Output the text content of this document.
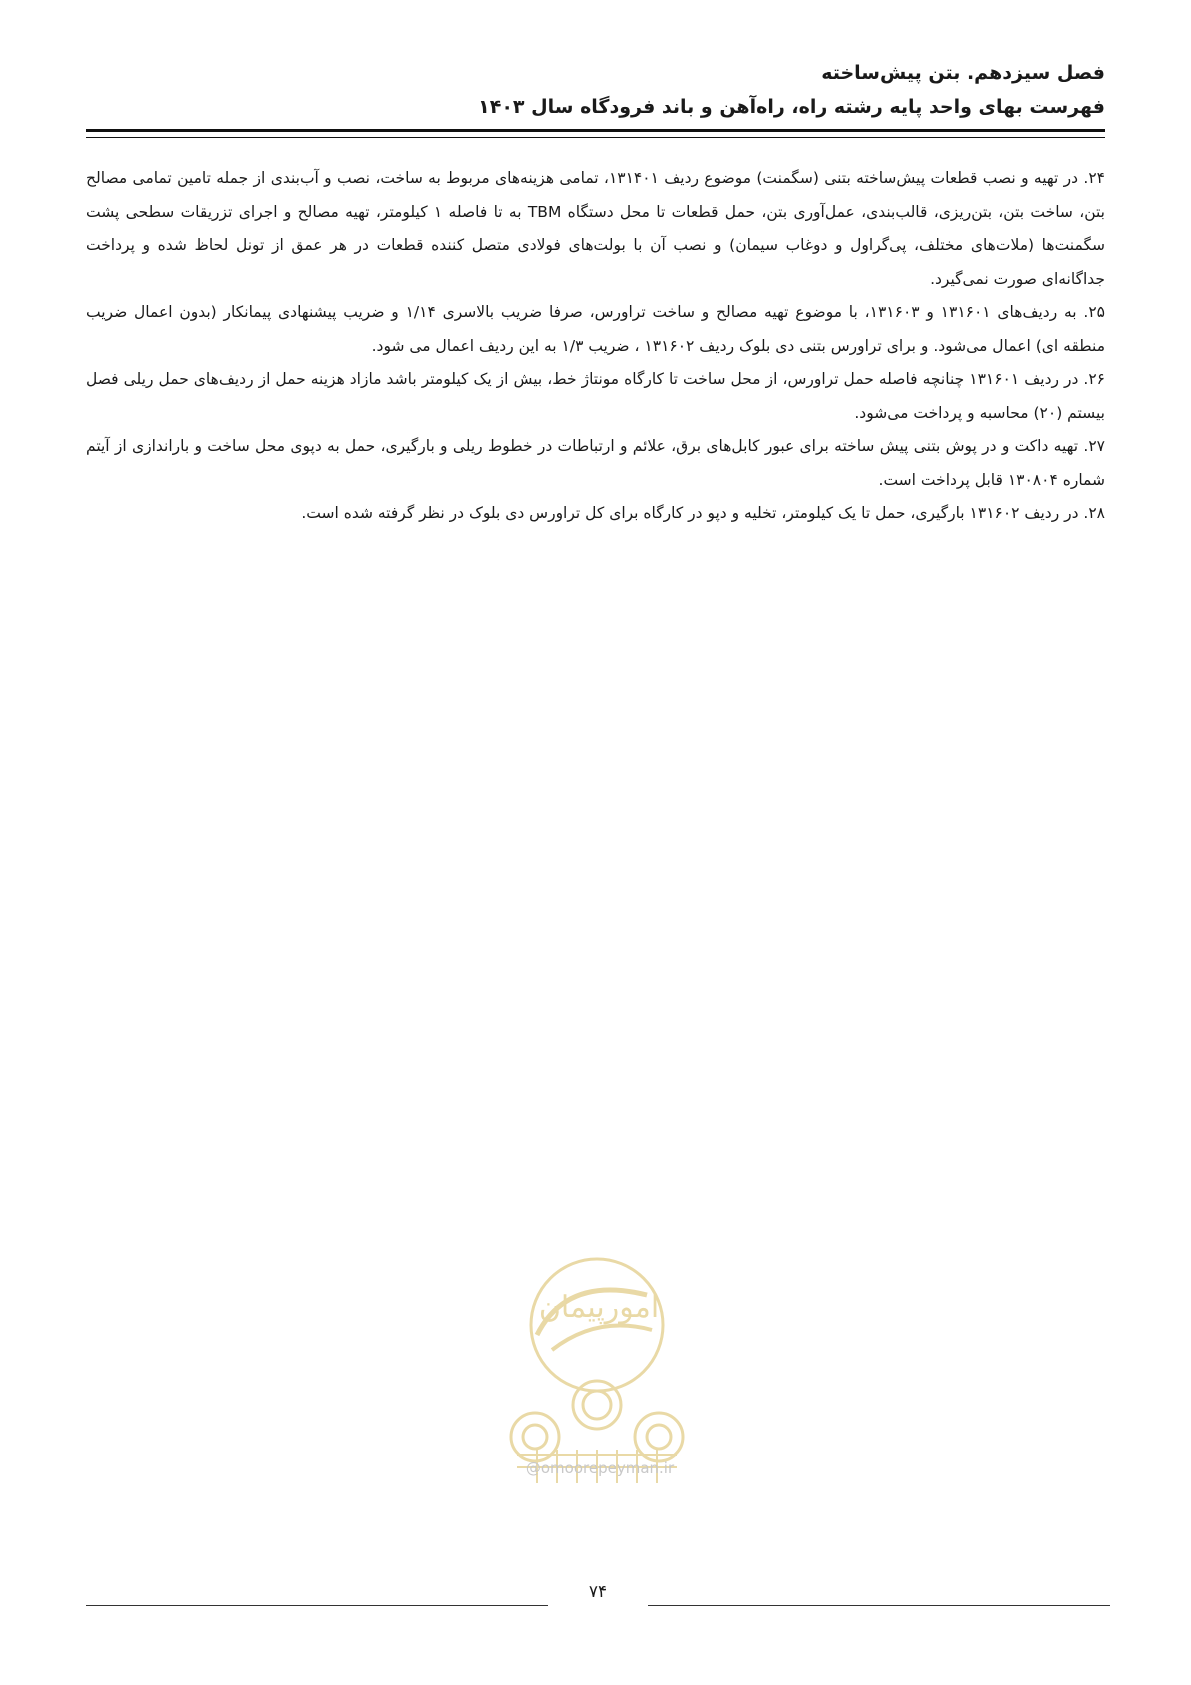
فصل سیزدهم. بتن پیش‌ساخته
فهرست بهای واحد پایه رشته راه، راه‌آهن و باند فرودگاه سال ۱۴۰۳

۲۴. در تهیه و نصب قطعات پیش‌ساخته بتنی (سگمنت) موضوع ردیف ۱۳۱۴۰۱، تمامی هزینه‌های مربوط به ساخت، نصب و آب‌بندی از جمله تامین تمامی مصالح بتن، ساخت بتن، بتن‌ریزی، قالب‌بندی، عمل‌آوری بتن، حمل قطعات تا محل دستگاه TBM به تا فاصله ۱ کیلومتر، تهیه مصالح و اجرای تزریقات سطحی پشت سگمنت‌ها (ملات‌های مختلف، پی‌گراول و دوغاب سیمان) و نصب آن با بولت‌های فولادی متصل کننده قطعات در هر عمق از تونل لحاظ شده و پرداخت جداگانه‌ای صورت نمی‌گیرد.

۲۵. به ردیف‌های ۱۳۱۶۰۱ و ۱۳۱۶۰۳، با موضوع تهیه مصالح و ساخت تراورس، صرفا ضریب بالاسری ۱/۱۴ و ضریب پیشنهادی پیمانکار (بدون اعمال ضریب منطقه ای) اعمال می‌شود. و برای تراورس بتنی دی بلوک ردیف ۱۳۱۶۰۲ ، ضریب ۱/۳ به این ردیف اعمال می شود.

۲۶. در ردیف ۱۳۱۶۰۱ چنانچه فاصله حمل تراورس، از محل ساخت تا کارگاه مونتاژ خط، بیش از یک کیلومتر باشد مازاد هزینه حمل از ردیف‌های حمل ریلی فصل بیستم (۲۰) محاسبه و پرداخت می‌شود.

۲۷. تهیه داکت و در پوش بتنی پیش ساخته برای عبور کابل‌های برق، علائم و ارتباطات در خطوط ریلی و بارگیری، حمل به دپوی محل ساخت و باراندازی از آیتم شماره ۱۳۰۸۰۴ قابل پرداخت است.

۲۸. در ردیف ۱۳۱۶۰۲ بارگیری، حمل تا یک کیلومتر، تخلیه و دپو در کارگاه برای کل تراورس دی بلوک در نظر گرفته شده است.

امورپیمان
@omoorepeyman.ir
۷۴
